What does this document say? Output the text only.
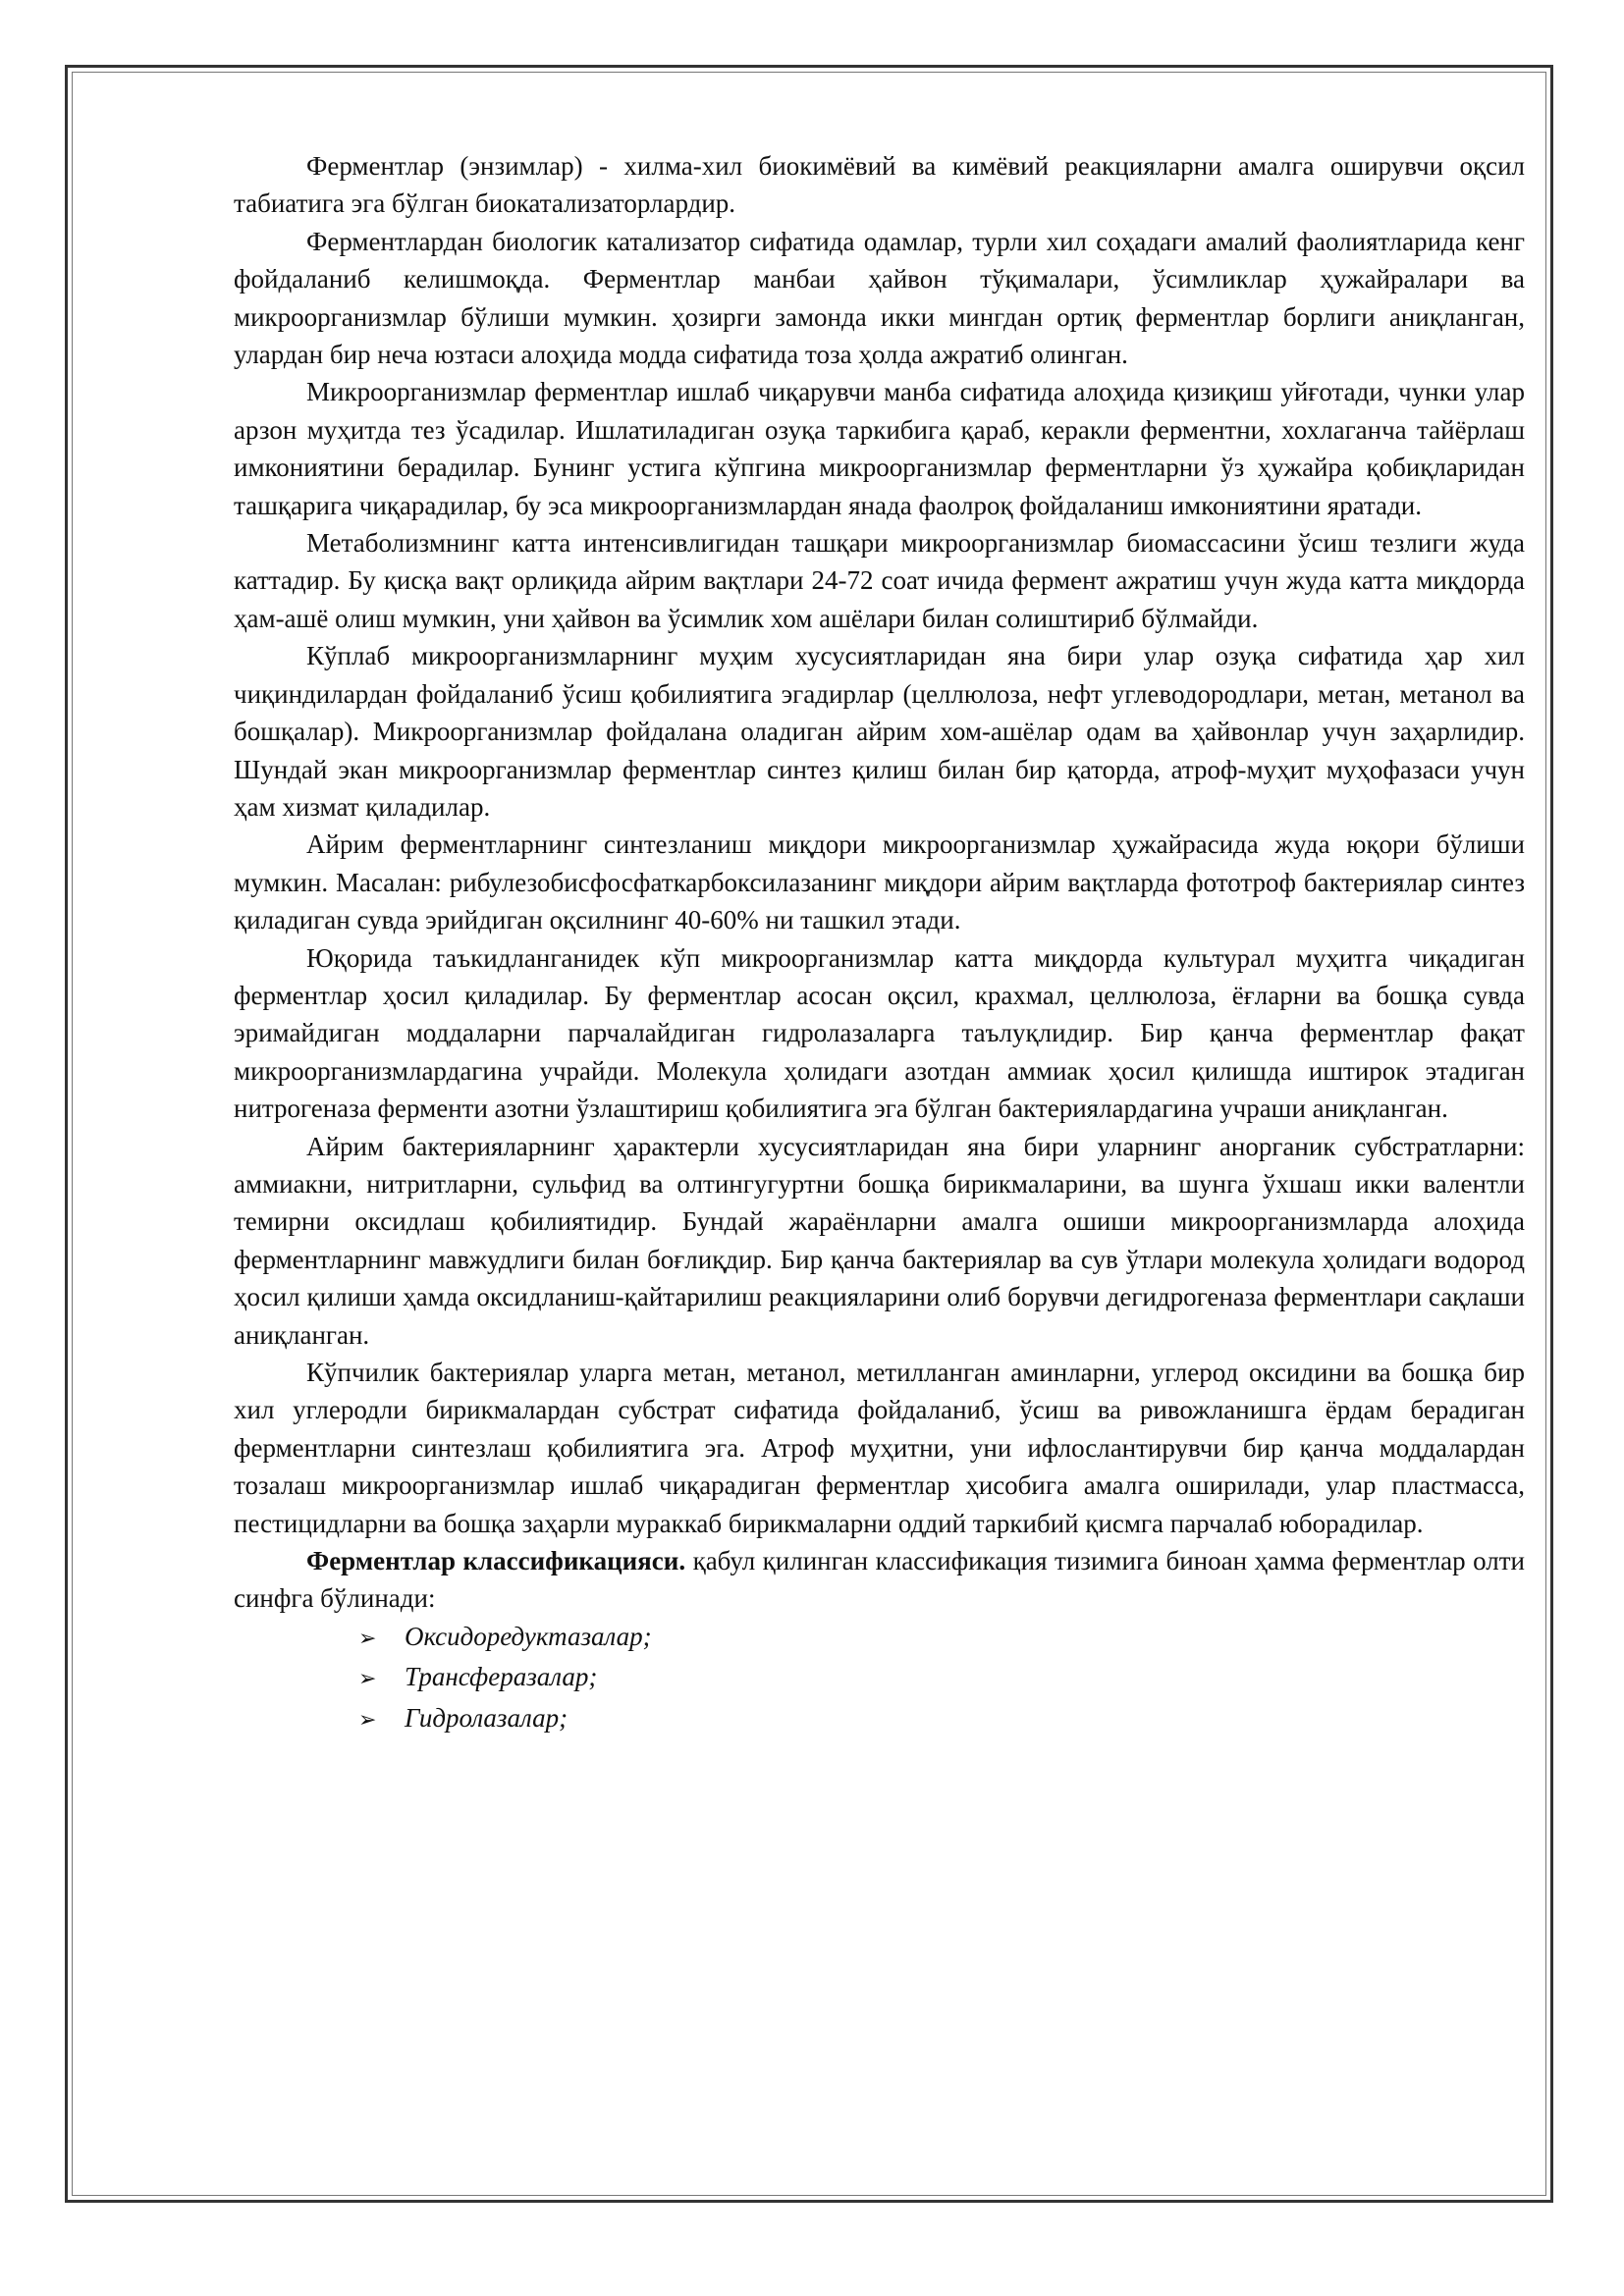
Ферментлар (энзимлар) - хилма-хил биокимёвий ва кимёвий реакцияларни амалга оширувчи оқсил табиатига эга бўлган биокатализаторлардир.

Ферментлардан биологик катализатор сифатида одамлар, турли хил соҳадаги амалий фаолиятларида кенг фойдаланиб келишмоқда. Ферментлар манбаи ҳайвон тўқималари, ўсимликлар ҳужайралари ва микроорганизмлар бўлиши мумкин. ҳозирги замонда икки мингдан ортиқ ферментлар борлиги аниқланган, улардан бир неча юзтаси алоҳида модда сифатида тоза ҳолда ажратиб олинган.

Микроорганизмлар ферментлар ишлаб чиқарувчи манба сифатида алоҳида қизиқиш уйғотади, чунки улар арзон муҳитда тез ўсадилар. Ишлатиладиган озуқа таркибига қараб, керакли ферментни, хохлаганча тайёрлаш имкониятини берадилар. Бунинг устига кўпгина микроорганизмлар ферментларни ўз ҳужайра қобиқларидан ташқарига чиқарадилар, бу эса микроорганизмлардан янада фаолроқ фойдаланиш имкониятини яратади.

Метаболизмнинг катта интенсивлигидан ташқари микроорганизмлар биомассасини ўсиш тезлиги жуда каттадир. Бу қисқа вақт орлиқида айрим вақтлари 24-72 соат ичида фермент ажратиш учун жуда катта миқдорда ҳам-ашё олиш мумкин, уни ҳайвон ва ўсимлик хом ашёлари билан солиштириб бўлмайди.

Кўплаб микроорганизмларнинг муҳим хусусиятларидан яна бири улар озуқа сифатида ҳар хил чиқиндилардан фойдаланиб ўсиш қобилиятига эгадирлар (целлюлоза, нефт углеводородлари, метан, метанол ва бошқалар). Микроорганизмлар фойдалана оладиган айрим хом-ашёлар одам ва ҳайвонлар учун заҳарлидир. Шундай экан микроорганизмлар ферментлар синтез қилиш билан бир қаторда, атроф-муҳит муҳофазаси учун ҳам хизмат қиладилар.

Айрим ферментларнинг синтезланиш миқдори микроорганизмлар ҳужайрасида жуда юқори бўлиши мумкин. Масалан: рибулезобисфосфаткарбоксилазанинг миқдори айрим вақтларда фототроф бактериялар синтез қиладиган сувда эрийдиган оқсилнинг 40-60% ни ташкил этади.

Юқорида таъкидланганидек кўп микроорганизмлар катта миқдорда культурал муҳитга чиқадиган ферментлар ҳосил қиладилар. Бу ферментлар асосан оқсил, крахмал, целлюлоза, ёғларни ва бошқа сувда эримайдиган моддаларни парчалайдиган гидролазаларга таълуқлидир. Бир қанча ферментлар фақат микроорганизмлардагина учрайди. Молекула ҳолидаги азотдан аммиак ҳосил қилишда иштирок этадиган нитрогеназа ферменти азотни ўзлаштириш қобилиятига эга бўлган бактериялардагина учраши аниқланган.

Айрим бактерияларнинг ҳарактерли хусусиятларидан яна бири уларнинг анорганик субстратларни: аммиакни, нитритларни, сульфид ва олтингугуртни бошқа бирикмаларини, ва шунга ўхшаш икки валентли темирни оксидлаш қобилиятидир. Бундай жараёнларни амалга ошиши микроорганизмларда алоҳида ферментларнинг мавжудлиги билан боғлиқдир. Бир қанча бактериялар ва сув ўтлари молекула ҳолидаги водород ҳосил қилиши ҳамда оксидланиш-қайтарилиш реакцияларини олиб борувчи дегидрогеназа ферментлари сақлаши аниқланган.

Кўпчилик бактериялар уларга метан, метанол, метилланган аминларни, углерод оксидини ва бошқа бир хил углеродли бирикмалардан субстрат сифатида фойдаланиб, ўсиш ва ривожланишга ёрдам берадиган ферментларни синтезлаш қобилиятига эга. Атроф муҳитни, уни ифлослантирувчи бир қанча моддалардан тозалаш микроорганизмлар ишлаб чиқарадиган ферментлар ҳисобига амалга оширилади, улар пластмасса, пестицидларни ва бошқа заҳарли мураккаб бирикмаларни оддий таркибий қисмга парчалаб юборадилар.

Ферментлар классификацияси. қабул қилинган классификация тизимига биноан ҳамма ферментлар олти синфга бўлинади:

➢	Оксидоредуктазалар;
➢	Трансферазалар;
➢	Гидролазалар;
